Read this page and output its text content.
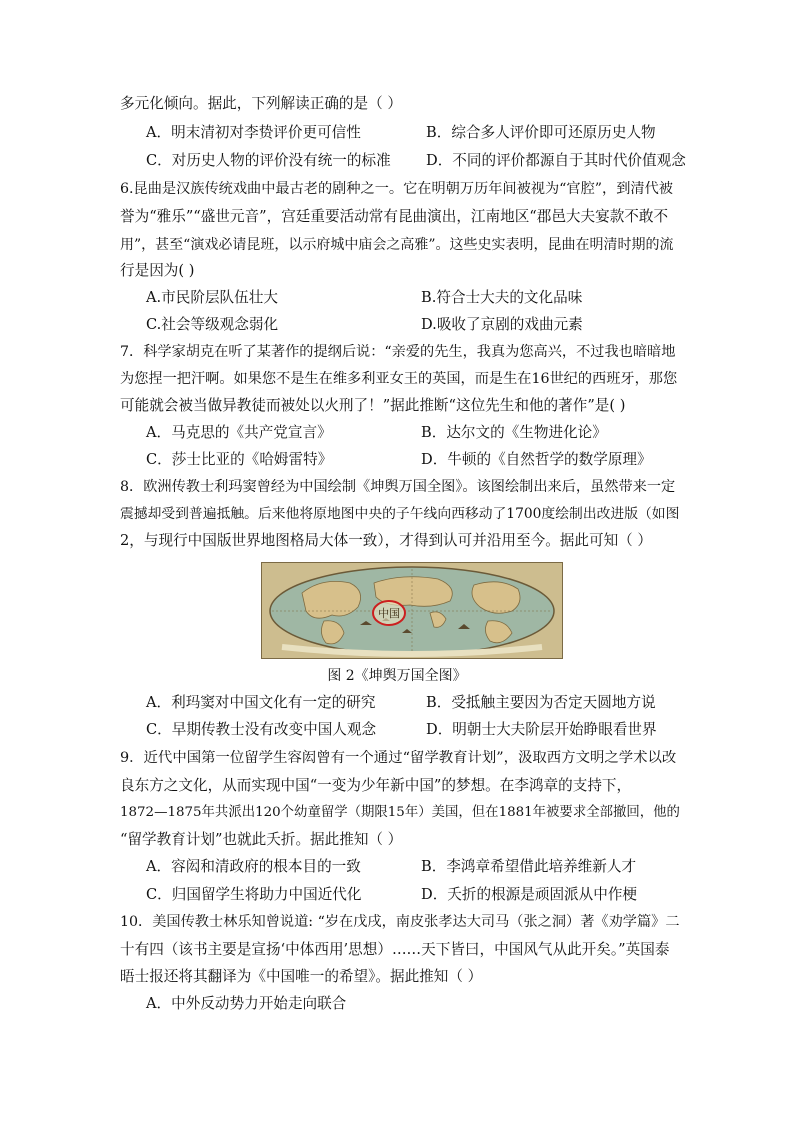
多元化倾向。据此，下列解读正确的是（ ）
A．明末清初对李贽评价更可信性	B．综合多人评价即可还原历史人物
C．对历史人物的评价没有统一的标准 D．不同的评价都源自于其时代价值观念
6.昆曲是汉族传统戏曲中最古老的剧种之一。它在明朝万历年间被视为“官腔”，到清代被
誉为“雅乐”“盛世元音”，宫廷重要活动常有昆曲演出，江南地区“郡邑大夫宴款不敢不
用”，甚至“演戏必请昆班，以示府城中庙会之高雅”。这些史实表明，昆曲在明清时期的流
行是因为( )
A.市民阶层队伍壮大	B.符合士大夫的文化品味
C.社会等级观念弱化	D.吸收了京剧的戏曲元素
7．科学家胡克在听了某著作的提纲后说：“亲爱的先生，我真为您高兴，不过我也暗暗地
为您捏一把汗啊。如果您不是生在维多利亚女王的英国，而是生在16世纪的西班牙，那您
可能就会被当做异教徒而被处以火刑了！”据此推断“这位先生和他的著作”是( )
A．马克思的《共产党宣言》	B．达尔文的《生物进化论》
C．莎士比亚的《哈姆雷特》	D．牛顿的《自然哲学的数学原理》
8．欧洲传教士利玛窦曾经为中国绘制《坤舆万国全图》。该图绘制出来后，虽然带来一定
震撼却受到普遍抵触。后来他将原地图中央的子午线向西移动了1700度绘制出改进版（如图
2，与现行中国版世界地图格局大体一致），才得到认可并沿用至今。据此可知（ ）
中国
图 2《坤舆万国全图》
A．利玛窦对中国文化有一定的研究	B．受抵触主要因为否定天圆地方说
C．早期传教士没有改变中国人观念	D．明朝士大夫阶层开始睁眼看世界
9．近代中国第一位留学生容闳曾有一个通过“留学教育计划”，汲取西方文明之学术以改
良东方之文化，从而实现中国“一变为少年新中国”的梦想。在李鸿章的支持下，
1872—1875年共派出120个幼童留学（期限15年）美国，但在1881年被要求全部撤回，他的
“留学教育计划”也就此夭折。据此推知（ ）
A．容闳和清政府的根本目的一致	B．李鸿章希望借此培养维新人才
C．归国留学生将助力中国近代化	D．夭折的根源是顽固派从中作梗
10．美国传教士林乐知曾说道: “岁在戊戌，南皮张孝达大司马（张之洞）著《劝学篇》二
十有四（该书主要是宣扬‘中体西用’思想）……天下皆曰，中国风气从此开矣。”英国泰
晤士报还将其翻译为《中国唯一的希望》。据此推知（ ）
A．中外反动势力开始走向联合
